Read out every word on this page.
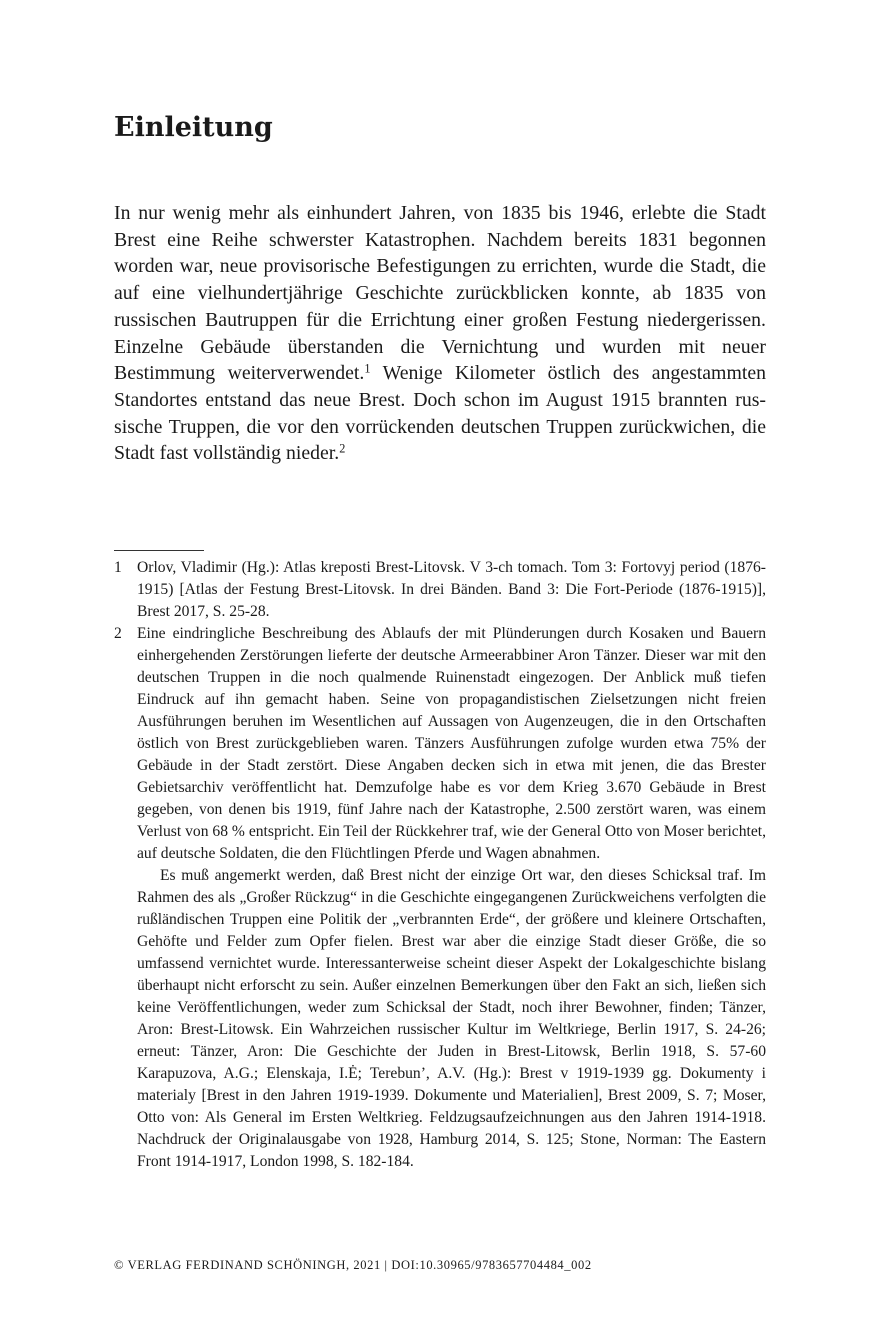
Einleitung

In nur wenig mehr als einhundert Jahren, von 1835 bis 1946, erlebte die Stadt Brest eine Reihe schwerster Katastrophen. Nachdem bereits 1831 begonnen worden war, neue provisorische Befestigungen zu errichten, wurde die Stadt, die auf eine vielhundertjährige Geschichte zurückblicken konnte, ab 1835 von russischen Bautruppen für die Errichtung einer großen Festung niedergerissen. Einzelne Gebäude überstanden die Vernichtung und wurden mit neuer Bestimmung weiterverwendet.$^1$ Wenige Kilometer östlich des angestammten Standortes entstand das neue Brest. Doch schon im August 1915 brannten russische Truppen, die vor den vorrückenden deutschen Truppen zurückwichen, die Stadt fast vollständig nieder.$^2$

1 Orlov, Vladimir (Hg.): Atlas kreposti Brest-Litovsk. V 3-ch tomach. Tom 3: Fortovyj period (1876-1915) [Atlas der Festung Brest-Litovsk. In drei Bänden. Band 3: Die Fort-Periode (1876-1915)], Brest 2017, S. 25-28.

2 Eine eindringliche Beschreibung des Ablaufs der mit Plünderungen durch Kosaken und Bauern einhergehenden Zerstörungen lieferte der deutsche Armeerabbiner Aron Tänzer. Dieser war mit den deutschen Truppen in die noch qualmende Ruinenstadt eingezogen. Der Anblick muß tiefen Eindruck auf ihn gemacht haben. Seine von propagandistischen Zielsetzungen nicht freien Ausführungen beruhen im Wesentlichen auf Aussagen von Augenzeugen, die in den Ortschaften östlich von Brest zurückgeblieben waren. Tänzers Ausführungen zufolge wurden etwa 75% der Gebäude in der Stadt zerstört. Diese Angaben decken sich in etwa mit jenen, die das Brester Gebietsarchiv veröffentlicht hat. Demzufolge habe es vor dem Krieg 3.670 Gebäude in Brest gegeben, von denen bis 1919, fünf Jahre nach der Katastrophe, 2.500 zerstört waren, was einem Verlust von 68 % entspricht. Ein Teil der Rückkehrer traf, wie der General Otto von Moser berichtet, auf deutsche Soldaten, die den Flüchtlingen Pferde und Wagen abnahmen.

Es muß angemerkt werden, daß Brest nicht der einzige Ort war, den dieses Schicksal traf. Im Rahmen des als „Großer Rückzug“ in die Geschichte eingegangenen Zurückweichens verfolgten die rußländischen Truppen eine Politik der „verbrannten Erde“, der größere und kleinere Ortschaften, Gehöfte und Felder zum Opfer fielen. Brest war aber die einzige Stadt dieser Größe, die so umfassend vernichtet wurde. Interessanterweise scheint dieser Aspekt der Lokalgeschichte bislang überhaupt nicht erforscht zu sein. Außer einzelnen Bemerkungen über den Fakt an sich, ließen sich keine Veröffentlichungen, weder zum Schicksal der Stadt, noch ihrer Bewohner, finden; Tänzer, Aron: Brest-Litowsk. Ein Wahrzeichen russischer Kultur im Weltkriege, Berlin 1917, S. 24-26; erneut: Tänzer, Aron: Die Geschichte der Juden in Brest-Litowsk, Berlin 1918, S. 57-60 Karapuzova, A.G.; Elenskaja, I.Ė; Terebun’, A.V. (Hg.): Brest v 1919-1939 gg. Dokumenty i materialy [Brest in den Jahren 1919-1939. Dokumente und Materialien], Brest 2009, S. 7; Moser, Otto von: Als General im Ersten Weltkrieg. Feldzugsaufzeichnungen aus den Jahren 1914-1918. Nachdruck der Originalausgabe von 1928, Hamburg 2014, S. 125; Stone, Norman: The Eastern Front 1914-1917, London 1998, S. 182-184.

© VERLAG FERDINAND SCHÖNINGH, 2021 | DOI:10.30965/9783657704484_002
